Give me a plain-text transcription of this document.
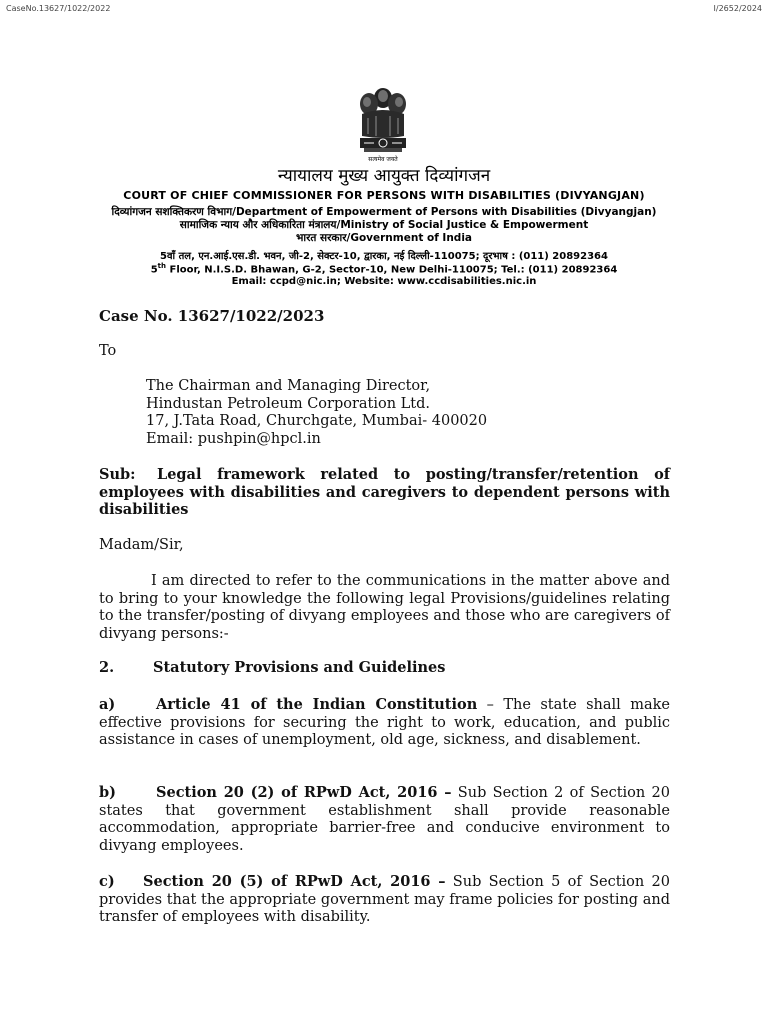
CaseNo.13627/1022/2022	I/2652/2024
सत्यमेव जयते
न्यायालय मुख्य आयुक्त दिव्यांगजन
COURT OF CHIEF COMMISSIONER FOR PERSONS WITH DISABILITIES (DIVYANGJAN)
दिव्यांगजन सशक्तिकरण विभाग/Department of Empowerment of Persons with Disabilities (Divyangjan)
सामाजिक न्याय और अधिकारिता मंत्रालय/Ministry of Social Justice & Empowerment
भारत सरकार/Government of India
5वाँ तल, एन.आई.एस.डी. भवन, जी-2, सेक्टर-10, द्वारका, नई दिल्ली-110075; दूरभाष : (011) 20892364
5th Floor, N.I.S.D. Bhawan, G-2, Sector-10, New Delhi-110075; Tel.: (011) 20892364
Email: ccpd@nic.in; Website: www.ccdisabilities.nic.in
Case No. 13627/1022/2023
To
The Chairman and Managing Director,
Hindustan Petroleum Corporation Ltd.
17, J.Tata Road, Churchgate, Mumbai- 400020
Email: pushpin@hpcl.in
Sub: Legal framework related to posting/transfer/retention of employees with disabilities and caregivers to dependent persons with disabilities
Madam/Sir,
I am directed to refer to the communications in the matter above and to bring to your knowledge the following legal Provisions/guidelines relating to the transfer/posting of divyang employees and those who are caregivers of divyang persons:-
2.	Statutory Provisions and Guidelines
a)	Article 41 of the Indian Constitution – The state shall make effective provisions for securing the right to work, education, and public assistance in cases of unemployment, old age, sickness, and disablement.
b)	Section 20 (2) of RPwD Act, 2016 – Sub Section 2 of Section 20 states that government establishment shall provide reasonable accommodation, appropriate barrier-free and conducive environment to divyang employees.
c) Section 20 (5) of RPwD Act, 2016 – Sub Section 5 of Section 20 provides that the appropriate government may frame policies for posting and transfer of employees with disability.
